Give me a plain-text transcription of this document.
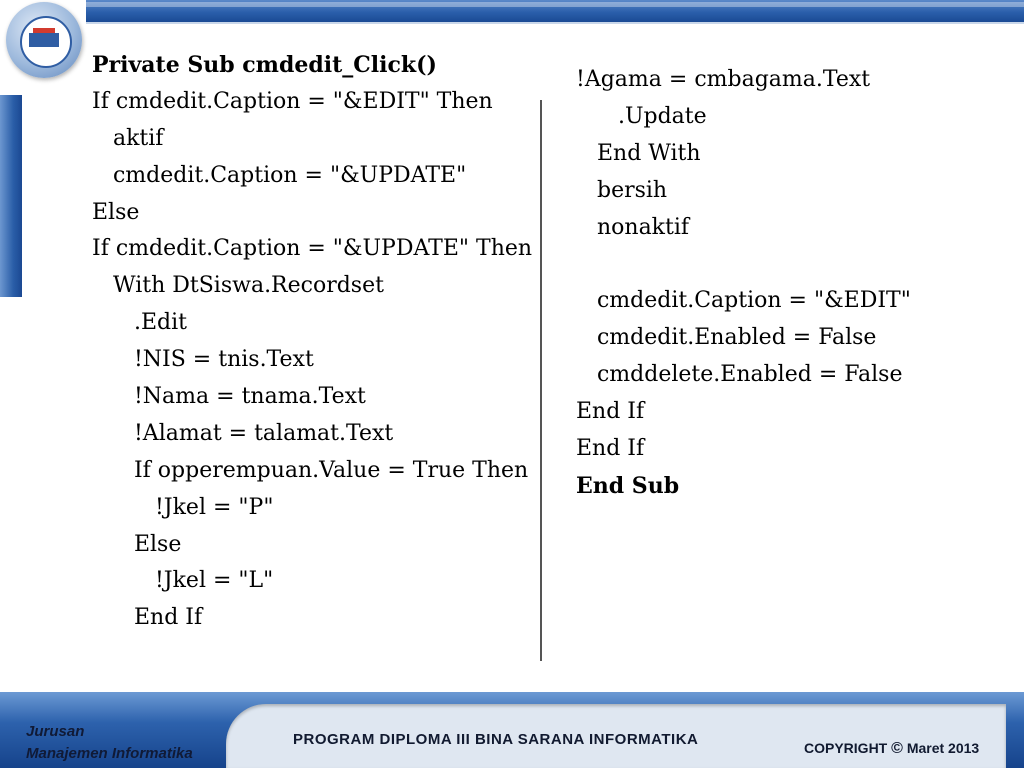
Private Sub cmdedit_Click()
If cmdedit.Caption = "&EDIT" Then
aktif
cmdedit.Caption = "&UPDATE"
Else
If cmdedit.Caption = "&UPDATE" Then
With DtSiswa.Recordset
.Edit
!NIS = tnis.Text
!Nama = tnama.Text
!Alamat = talamat.Text
If opperempuan.Value = True Then
!Jkel = "P"
Else
!Jkel = "L"
End If
!Agama = cmbagama.Text
.Update
End With
bersih
nonaktif
cmdedit.Caption = "&EDIT"
cmdedit.Enabled = False
cmddelete.Enabled = False
End If
End If
End Sub
Jurusan
Manajemen Informatika
PROGRAM DIPLOMA III BINA SARANA INFORMATIKA	COPYRIGHT © Maret 2013
